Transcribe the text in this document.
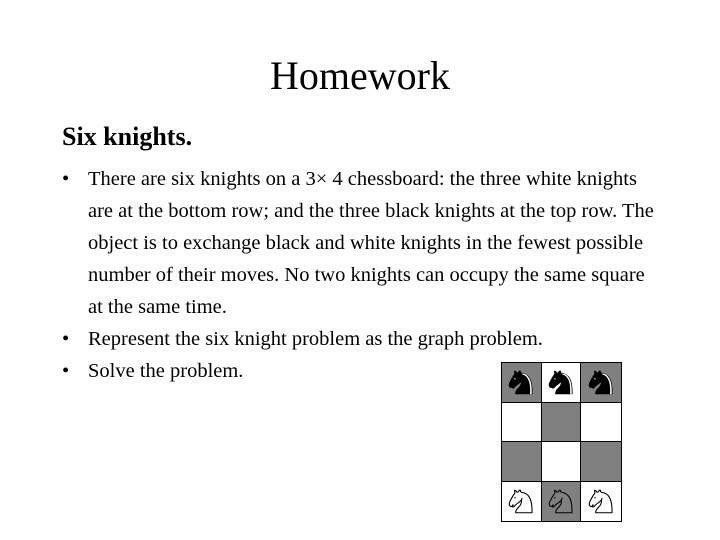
Homework
Six knights.
• There are six knights on a 3× 4 chessboard: the three white knights are at the bottom row; and the three black knights at the top row. The object is to exchange black and white knights in the fewest possible number of their moves. No two knights can occupy the same square at the same time.
• Represent the six knight problem as the graph problem.
• Solve the problem.
